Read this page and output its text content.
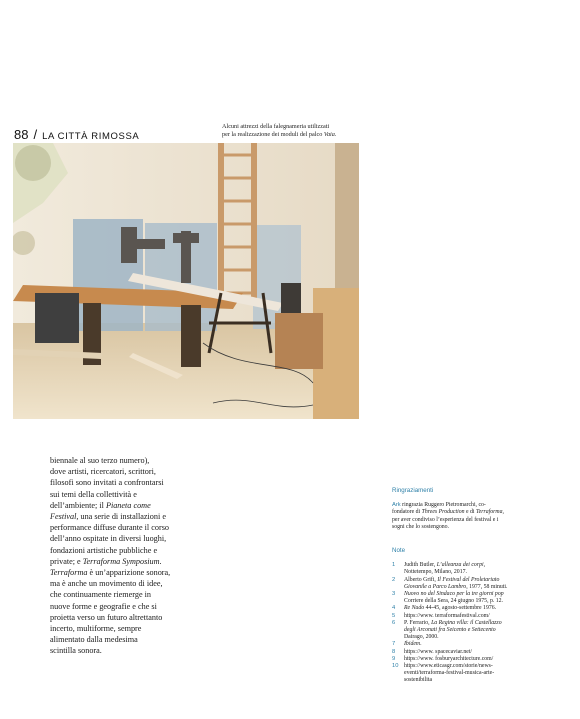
88 / LA CITTÀ RIMOSSA
Alcuni attrezzi della falegnameria utilizzati
per la realizzazione dei moduli del palco Vaia.
biennale al suo terzo numero),
dove artisti, ricercatori, scrittori,
filosofi sono invitati a confrontarsi
sui temi della collettività e
dell’ambiente; il Pianeta come
Festival, una serie di installazioni e
performance diffuse durante il corso
dell’anno ospitate in diversi luoghi,
fondazioni artistiche pubbliche e
private; e Terraforma Symposium.
Terraforma è un’apparizione sonora,
ma è anche un movimento di idee,
che continuamente riemerge in
nuove forme e geografie e che si
proietta verso un futuro altrettanto
incerto, multiforme, sempre
alimentato dalla medesima
scintilla sonora.
Ringraziamenti
Ark ringrazia Ruggero Pietromarchi, co-
fondatore di Threes Production e di Terraforma,
per aver condiviso l’esperienza del festival e i
sogni che lo sostengono.
Note
1	Judith Butler, L’alleanza dei corpi,
Nottetempo, Milano, 2017.
2	Alberto Grifi, Il Festival del Proletariato
Giovanile a Parco Lambro, 1977, 58 minuti.
3	Nuovo no del Sindaco per la tre giorni pop
Corriere della Sera, 24 giugno 1975, p. 12.
4	Re Nudo 44-45, agosto-settembre 1976.
5	https://www. terraformafestival.com/
6	P. Ferrario, La Regina villa: il Castellazzo
degli Arconati fra Seicento e Settecento
Dairago, 2000.
7	Ibidem.
8	https://www. spacecaviar.net/
9	https://www. fosburyarchitecture.com/
10 https://www.eticasgr.com/storie/news-
eventi/terraforma-festival-musica-arte-
sostenibilita
